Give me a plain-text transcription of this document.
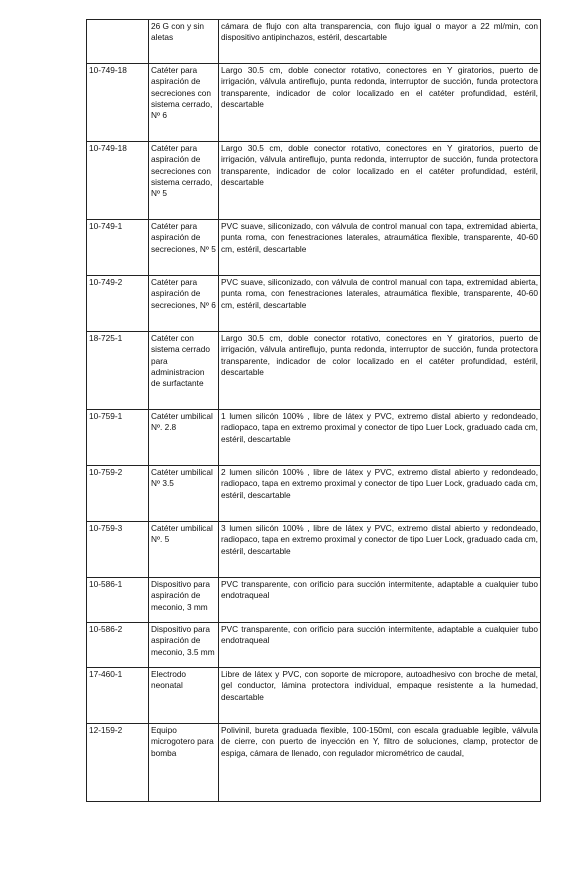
	26 G con y sin aletas	cámara de flujo con alta transparencia, con flujo igual o mayor a 22 ml/min, con dispositivo antipinchazos, estéril, descartable
10-749-18	Catéter para aspiración de secreciones con sistema cerrado, Nº 6	Largo 30.5 cm, doble conector rotativo, conectores en Y giratorios, puerto de irrigación, válvula antireflujo, punta redonda, interruptor de succión, funda protectora transparente, indicador de color localizado en el catéter profundidad, estéril, descartable
10-749-18	Catéter para aspiración de secreciones con sistema cerrado, Nº 5	Largo 30.5 cm, doble conector rotativo, conectores en Y giratorios, puerto de irrigación, válvula antireflujo, punta redonda, interruptor de succión, funda protectora transparente, indicador de color localizado en el catéter profundidad, estéril, descartable
10-749-1	Catéter para aspiración de secreciones, Nº 5	PVC suave, siliconizado, con válvula de control manual con tapa, extremidad abierta, punta roma, con fenestraciones laterales, atraumática flexible, transparente, 40-60 cm, estéril, descartable
10-749-2	Catéter para aspiración de secreciones, Nº 6	PVC suave, siliconizado, con válvula de control manual con tapa, extremidad abierta, punta roma, con fenestraciones laterales, atraumática flexible, transparente, 40-60 cm, estéril, descartable
18-725-1	Catéter con sistema cerrado para administracion de surfactante	Largo 30.5 cm, doble conector rotativo, conectores en Y giratorios, puerto de irrigación, válvula antireflujo, punta redonda, interruptor de succión, funda protectora transparente, indicador de color localizado en el catéter profundidad, estéril, descartable
10-759-1	Catéter umbilical Nº. 2.8	1 lumen silicón 100% , libre de látex y PVC, extremo distal abierto y redondeado, radiopaco, tapa en extremo proximal y conector de tipo Luer Lock, graduado cada cm, estéril, descartable
10-759-2	Catéter umbilical Nº 3.5	2 lumen silicón 100% , libre de látex y PVC, extremo distal abierto y redondeado, radiopaco, tapa en extremo proximal y conector de tipo Luer Lock, graduado cada cm, estéril, descartable
10-759-3	Catéter umbilical Nº. 5	3 lumen silicón 100% , libre de látex y PVC, extremo distal abierto y redondeado, radiopaco, tapa en extremo proximal y conector de tipo Luer Lock, graduado cada cm, estéril, descartable
10-586-1	Dispositivo para aspiración de meconio, 3 mm	PVC transparente, con orificio para succión intermitente, adaptable a cualquier tubo endotraqueal
10-586-2	Dispositivo para aspiración de meconio, 3.5 mm	PVC transparente, con orificio para succión intermitente, adaptable a cualquier tubo endotraqueal
17-460-1	Electrodo neonatal	Libre de látex y PVC, con soporte de micropore, autoadhesivo con broche de metal, gel conductor, lámina protectora individual, empaque resistente a la humedad, descartable
12-159-2	Equipo microgotero para bomba	Polivinil, bureta graduada flexible, 100-150ml, con escala graduable legible, válvula de cierre, con puerto de inyección en Y, filtro de soluciones, clamp, protector de espiga, cámara de llenado, con regulador micrométrico de caudal,
